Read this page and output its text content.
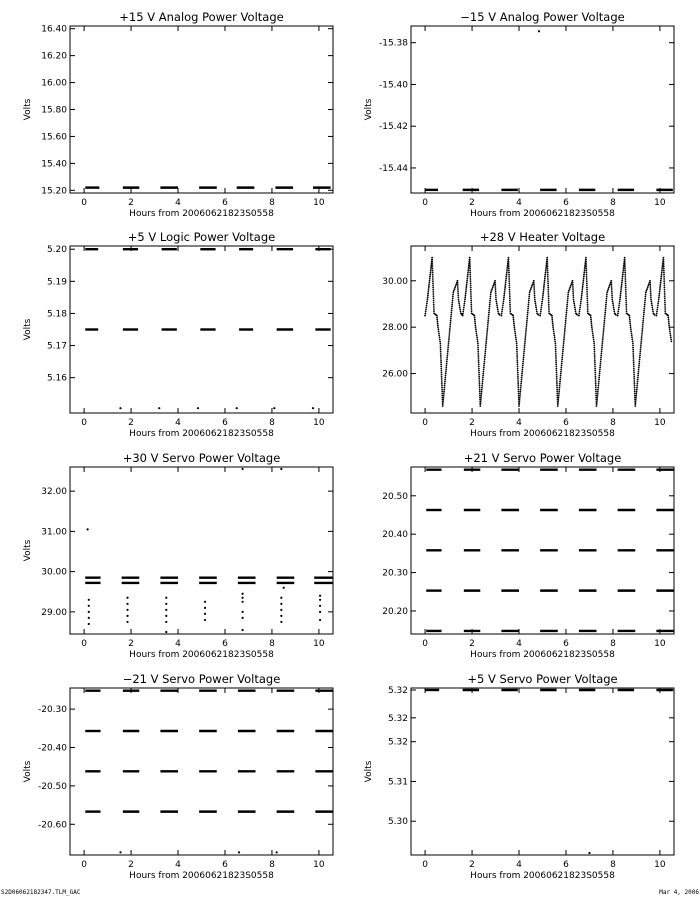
+15 V Analog Power Voltage
0	2	4	6	8	10
15.20
15.40
15.60
15.80
16.00
16.20
16.40
Hours from 20060621823S0558
Volts
−15 V Analog Power Voltage
0	2	4	6	8	10
-15.44
-15.42
-15.40
-15.38
Hours from 20060621823S0558
Volts
+5 V Logic Power Voltage
0	2	4	6	8	10
5.16
5.17
5.18
5.19
5.20
Hours from 20060621823S0558
Volts
+28 V Heater Voltage
0	2	4	6	8	10
26.00
28.00
30.00
Hours from 20060621823S0558
+30 V Servo Power Voltage
0	2	4	6	8	10
29.00
30.00
31.00
32.00
Hours from 20060621823S0558
Volts
+21 V Servo Power Voltage
0	2	4	6	8	10
20.20
20.30
20.40
20.50
Hours from 20060621823S0558
−21 V Servo Power Voltage
0	2	4	6	8	10
-20.60
-20.50
-20.40
-20.30
Hours from 20060621823S0558
Volts
+5 V Servo Power Voltage
0	2	4	6	8	10
5.30
5.31
5.32
5.32
5.32
Hours from 20060621823S0558
Volts
S2D06062182347.TLM_GAC	Mar 4, 2006
